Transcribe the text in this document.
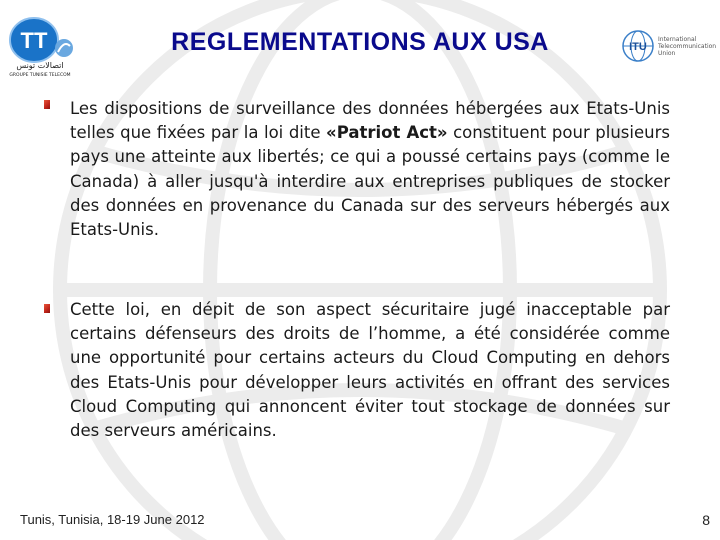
TT
اتصالات تونس
GROUPE TUNISIE TELECOM
REGLEMENTATIONS AUX USA	ITU
International
Telecommunication
Union

Les dispositions de surveillance des données hébergées aux Etats-Unis telles que fixées par la loi dite «Patriot Act» constituent pour plusieurs pays une atteinte aux libertés; ce qui a poussé certains pays (comme le Canada) à aller jusqu'à interdire aux entreprises publiques de stocker des données en provenance du Canada sur des serveurs hébergés aux Etats-Unis.

Cette loi, en dépit de son aspect sécuritaire jugé inacceptable par certains défenseurs des droits de l’homme, a été considérée comme une opportunité pour certains acteurs du Cloud Computing en dehors des Etats-Unis pour développer leurs activités en offrant des services Cloud Computing qui annoncent éviter tout stockage de données sur des serveurs américains.

Tunis, Tunisia, 18-19 June 2012	8
